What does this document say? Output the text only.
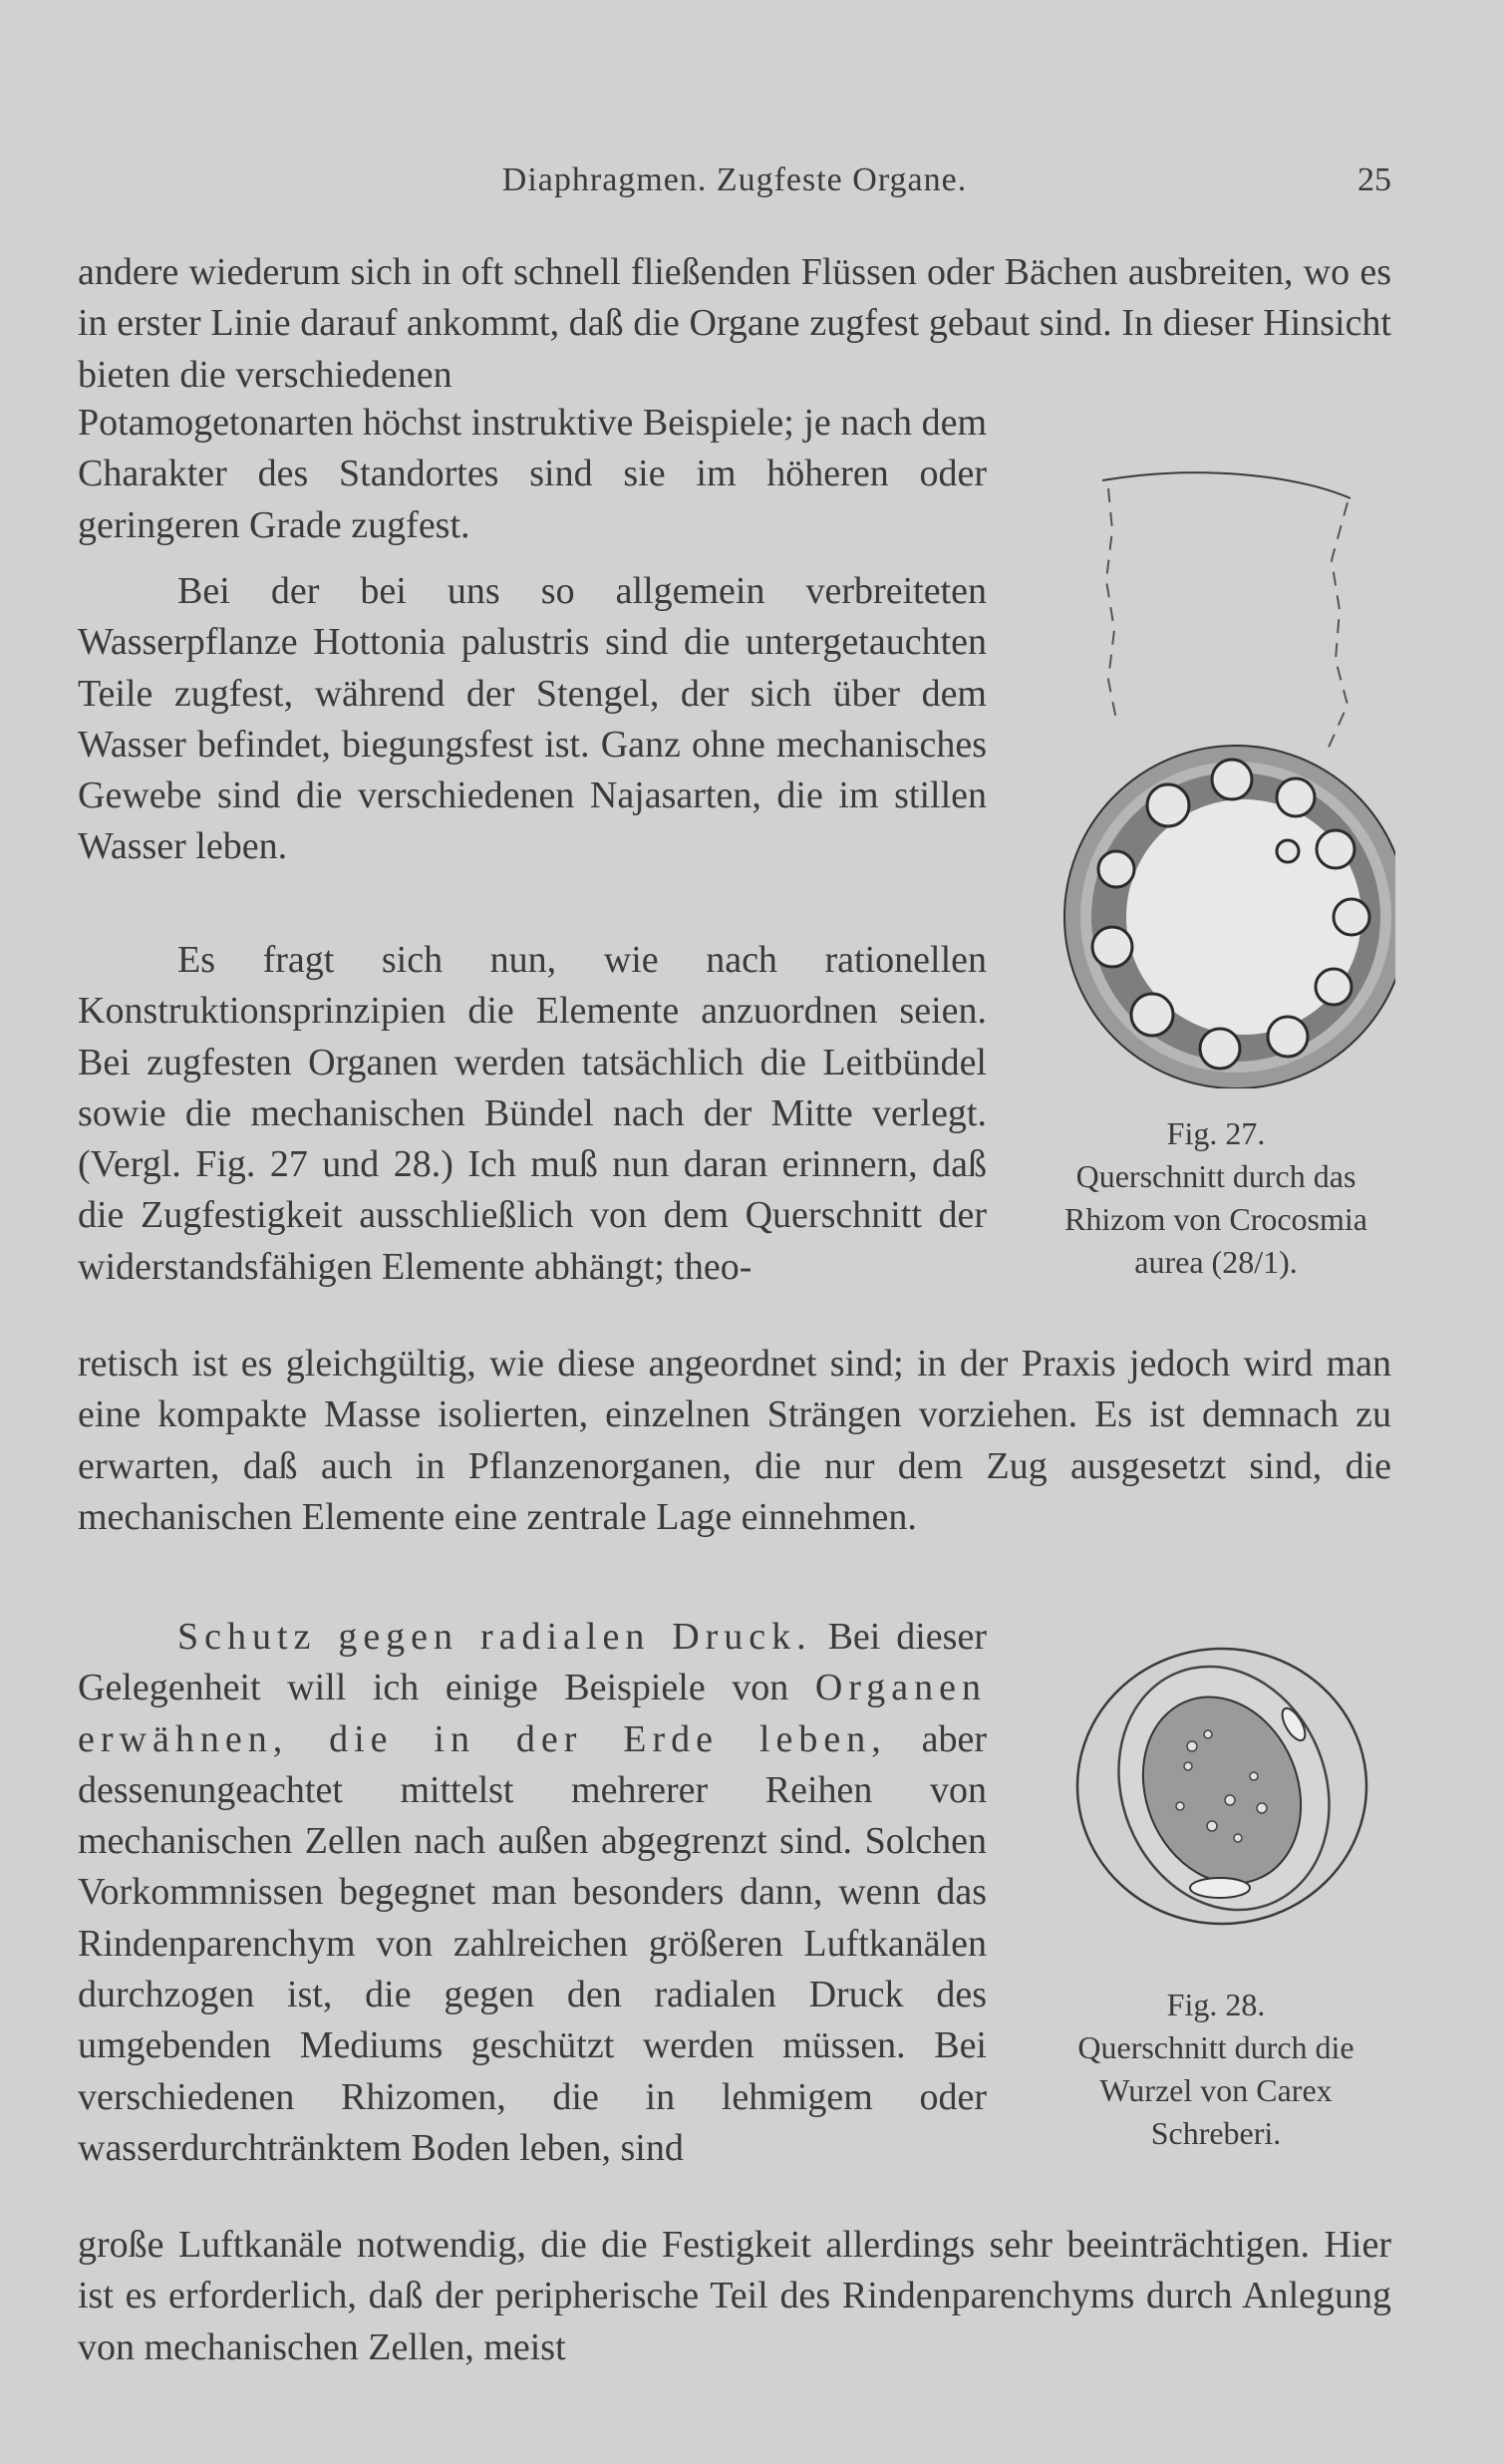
Diaphragmen. Zugfeste Organe.	25

andere wiederum sich in oft schnell fließenden Flüssen oder Bächen ausbreiten, wo es in erster Linie darauf ankommt, daß die Organe zugfest gebaut sind. In dieser Hinsicht bieten die verschiedenen

Potamogetonarten höchst instruktive Beispiele; je nach dem Charakter des Standortes sind sie im höheren oder geringeren Grade zugfest.

Bei der bei uns so allgemein verbreiteten Wasserpflanze Hottonia palustris sind die untergetauchten Teile zugfest, während der Stengel, der sich über dem Wasser befindet, biegungsfest ist. Ganz ohne mechanisches Gewebe sind die verschiedenen Najasarten, die im stillen Wasser leben.

Es fragt sich nun, wie nach rationellen Konstruktionsprinzipien die Elemente anzuordnen seien. Bei zugfesten Organen werden tatsächlich die Leitbündel sowie die mechanischen Bündel nach der Mitte verlegt. (Vergl. Fig. 27 und 28.) Ich muß nun daran erinnern, daß die Zugfestigkeit ausschließlich von dem Querschnitt der widerstandsfähigen Elemente abhängt; theo-

retisch ist es gleichgültig, wie diese angeordnet sind; in der Praxis jedoch wird man eine kompakte Masse isolierten, einzelnen Strängen vorziehen. Es ist demnach zu erwarten, daß auch in Pflanzenorganen, die nur dem Zug ausgesetzt sind, die mechanischen Elemente eine zentrale Lage einnehmen.

Schutz gegen radialen Druck. Bei dieser Gelegenheit will ich einige Beispiele von Organen erwähnen, die in der Erde leben, aber dessenungeachtet mittelst mehrerer Reihen von mechanischen Zellen nach außen abgegrenzt sind. Solchen Vorkommnissen begegnet man besonders dann, wenn das Rindenparenchym von zahlreichen größeren Luftkanälen durchzogen ist, die gegen den radialen Druck des umgebenden Mediums geschützt werden müssen. Bei verschiedenen Rhizomen, die in lehmigem oder wasserdurchtränktem Boden leben, sind

große Luftkanäle notwendig, die die Festigkeit allerdings sehr beeinträchtigen. Hier ist es erforderlich, daß der peripherische Teil des Rindenparenchyms durch Anlegung von mechanischen Zellen, meist

Fig. 27.
Querschnitt durch das
Rhizom von Crocosmia
aurea (28/1).
Fig. 28.
Querschnitt durch die
Wurzel von Carex
Schreberi.
